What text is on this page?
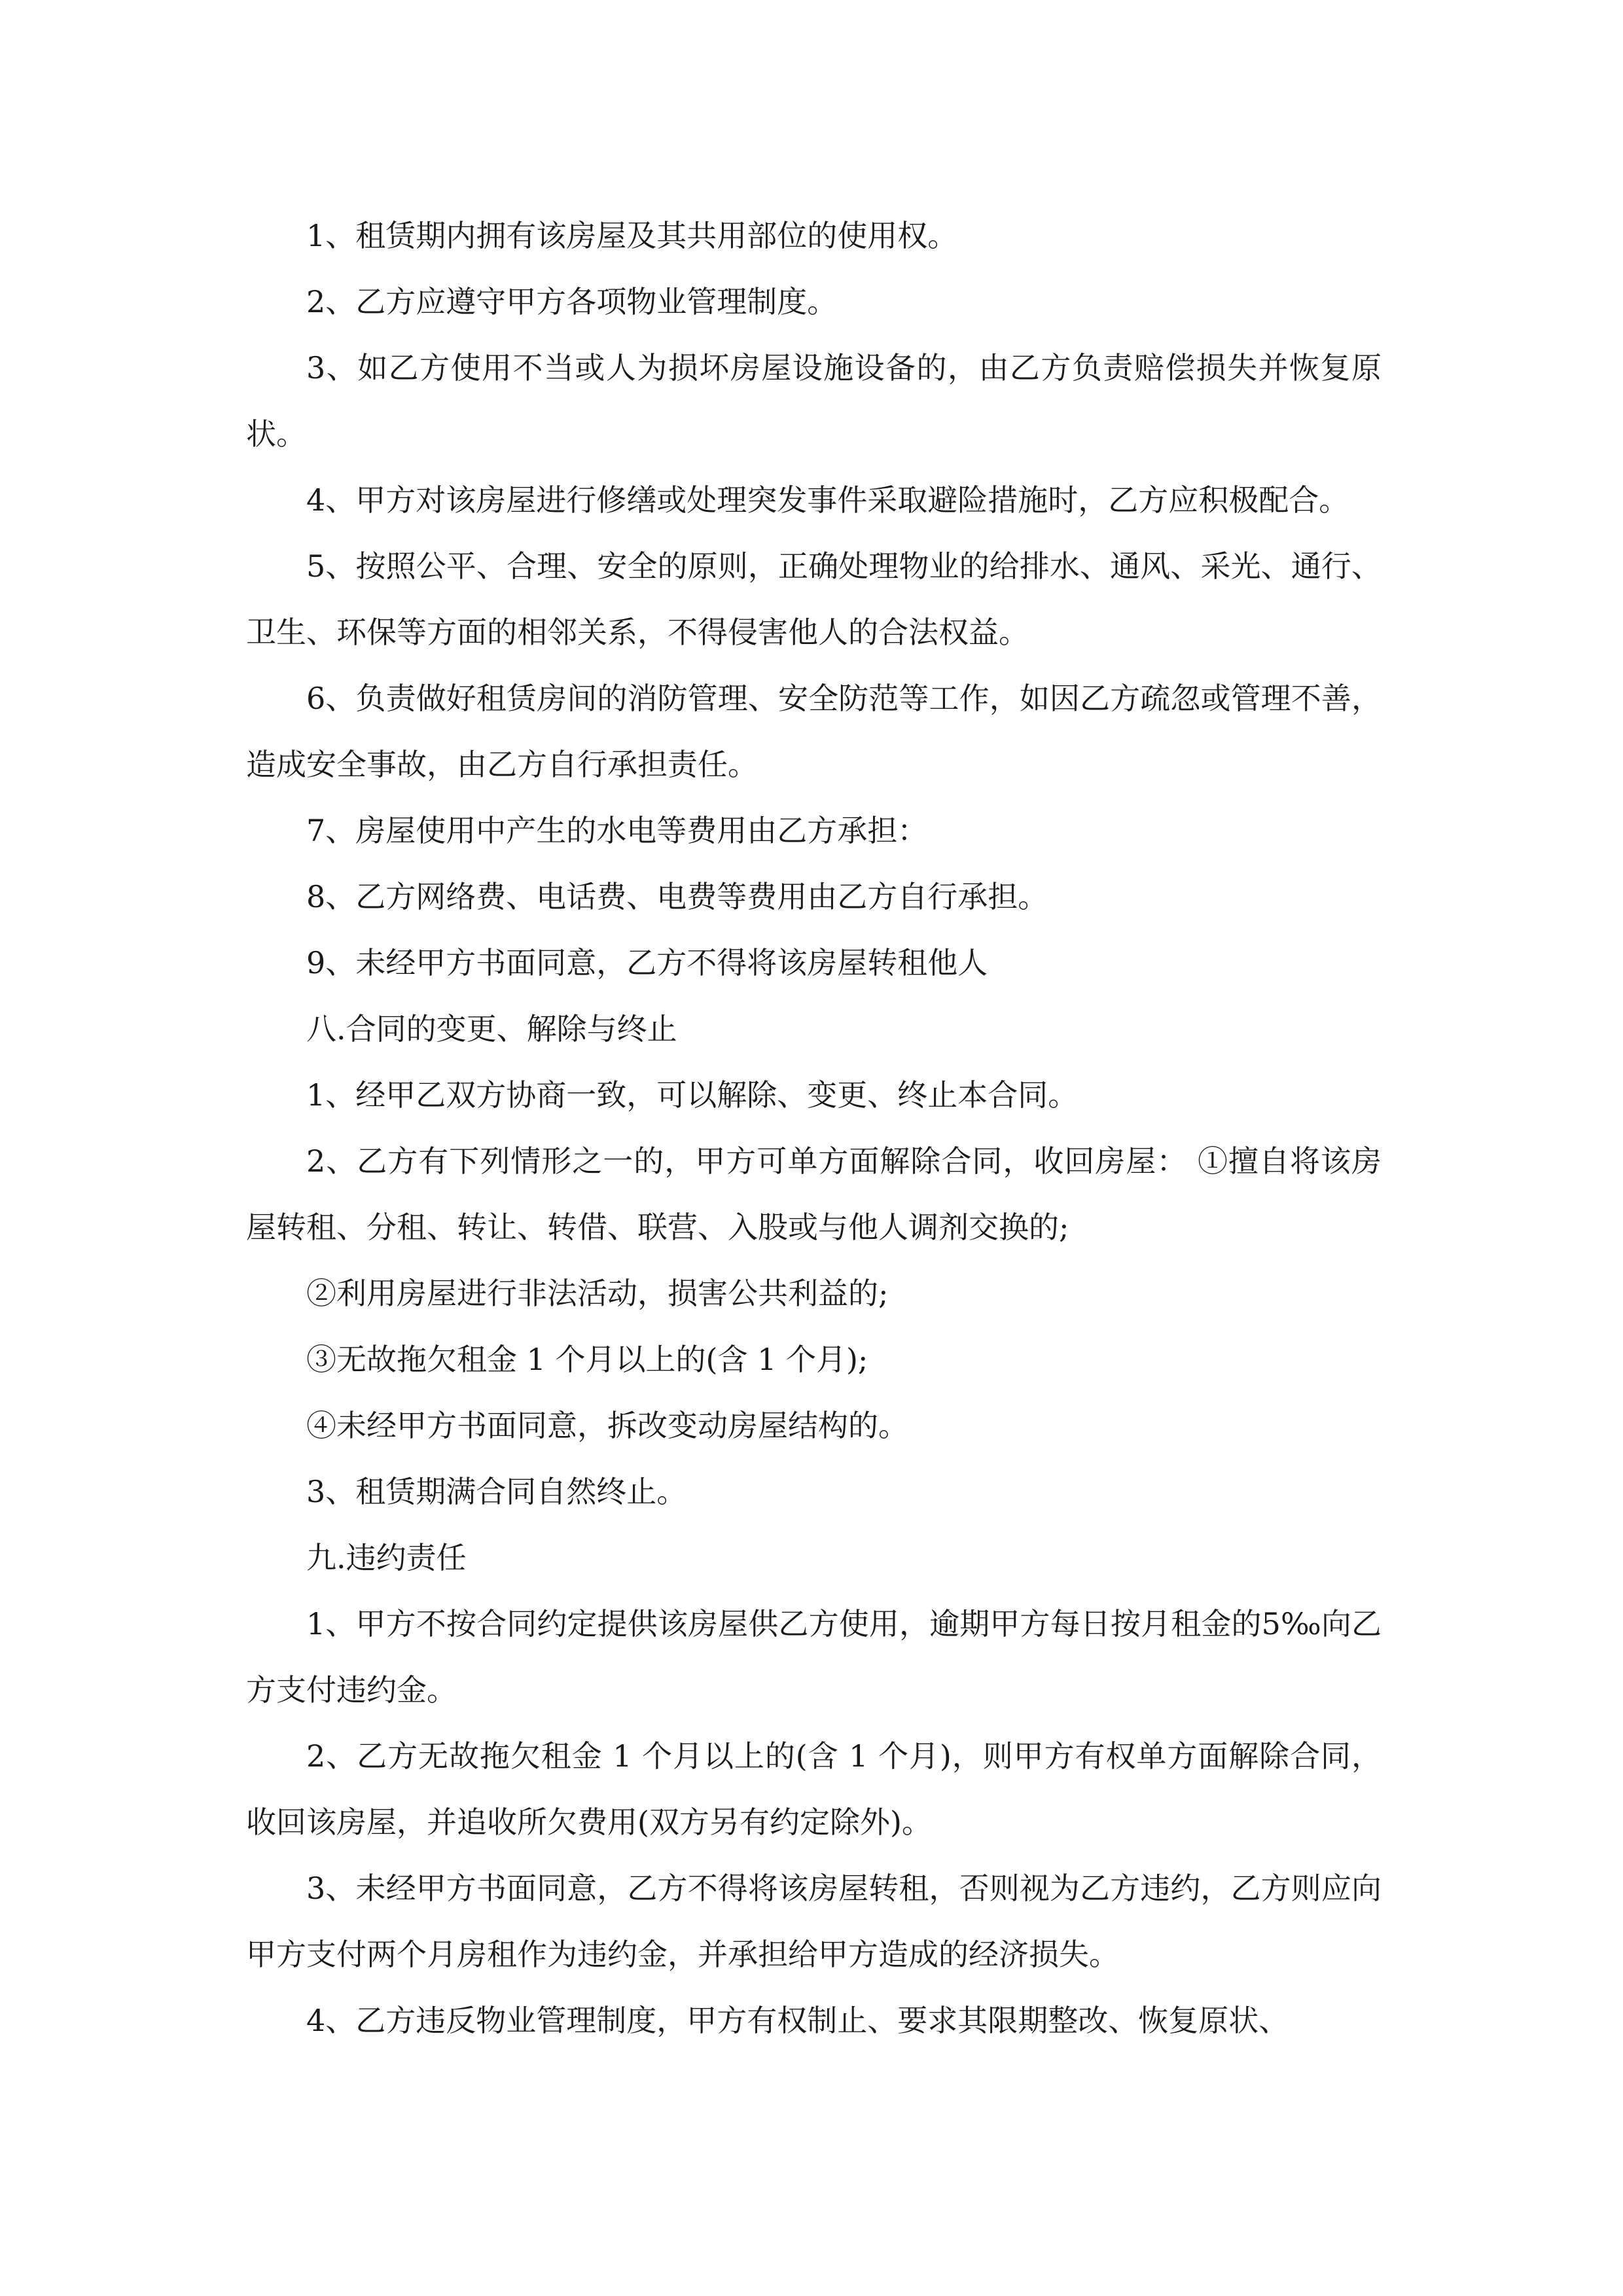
1、租赁期内拥有该房屋及其共用部位的使用权。

2、乙方应遵守甲方各项物业管理制度。

3、如乙方使用不当或人为损坏房屋设施设备的，由乙方负责赔偿损失并恢复原状。

4、甲方对该房屋进行修缮或处理突发事件采取避险措施时，乙方应积极配合。

5、按照公平、合理、安全的原则，正确处理物业的给排水、通风、采光、通行、卫生、环保等方面的相邻关系，不得侵害他人的合法权益。

6、负责做好租赁房间的消防管理、安全防范等工作，如因乙方疏忽或管理不善，造成安全事故，由乙方自行承担责任。

7、房屋使用中产生的水电等费用由乙方承担：

8、乙方网络费、电话费、电费等费用由乙方自行承担。

9、未经甲方书面同意，乙方不得将该房屋转租他人

八.合同的变更、解除与终止

1、经甲乙双方协商一致，可以解除、变更、终止本合同。

2、乙方有下列情形之一的，甲方可单方面解除合同，收回房屋： ①擅自将该房屋转租、分租、转让、转借、联营、入股或与他人调剂交换的;

②利用房屋进行非法活动，损害公共利益的;

③无故拖欠租金 1 个月以上的(含 1 个月);

④未经甲方书面同意，拆改变动房屋结构的。

3、租赁期满合同自然终止。

九.违约责任

1、甲方不按合同约定提供该房屋供乙方使用，逾期甲方每日按月租金的5‰向乙方支付违约金。

2、乙方无故拖欠租金 1 个月以上的(含 1 个月)，则甲方有权单方面解除合同，收回该房屋，并追收所欠费用(双方另有约定除外)。

3、未经甲方书面同意，乙方不得将该房屋转租，否则视为乙方违约，乙方则应向甲方支付两个月房租作为违约金，并承担给甲方造成的经济损失。

4、乙方违反物业管理制度，甲方有权制止、要求其限期整改、恢复原状、
